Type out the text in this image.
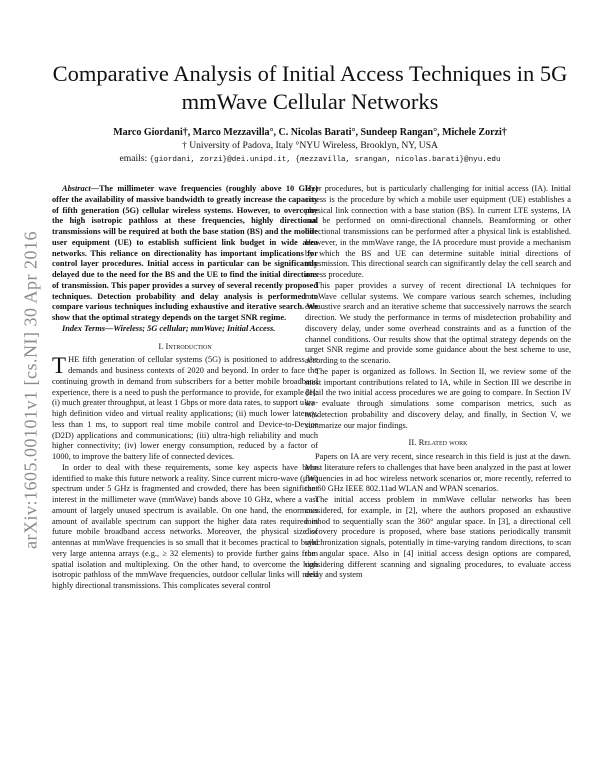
arXiv:1605.00101v1 [cs.NI] 30 Apr 2016
Comparative Analysis of Initial Access Techniques in 5G mmWave Cellular Networks
Marco Giordani†, Marco Mezzavilla°, C. Nicolas Barati°, Sundeep Rangan°, Michele Zorzi†
† University of Padova, Italy °NYU Wireless, Brooklyn, NY, USA
emails: {giordani, zorzi}@dei.unipd.it, {mezzavilla, srangan, nicolas.barati}@nyu.edu

Abstract—The millimeter wave frequencies (roughly above 10 GHz) offer the availability of massive bandwidth to greatly increase the capacity of fifth generation (5G) cellular wireless systems. However, to overcome the high isotropic pathloss at these frequencies, highly directional transmissions will be required at both the base station (BS) and the mobile user equipment (UE) to establish sufficient link budget in wide area networks. This reliance on directionality has important implications for control layer procedures. Initial access in particular can be significantly delayed due to the need for the BS and the UE to find the initial directions of transmission. This paper provides a survey of several recently proposed techniques. Detection probability and delay analysis is performed to compare various techniques including exhaustive and iterative search. We show that the optimal strategy depends on the target SNR regime.

Index Terms—Wireless; 5G cellular; mmWave; Initial Access.

I. Introduction

THE fifth generation of cellular systems (5G) is positioned to address the demands and business contexts of 2020 and beyond. In order to face the continuing growth in demand from subscribers for a better mobile broadband experience, there is a need to push the performance to provide, for example [1]: (i) much greater throughput, at least 1 Gbps or more data rates, to support ultra-high definition video and virtual reality applications; (ii) much lower latency, less than 1 ms, to support real time mobile control and Device-to-Device (D2D) applications and communications; (iii) ultra-high reliability and much higher connectivity; (iv) lower energy consumption, reduced by a factor of 1000, to improve the battery life of connected devices.

In order to deal with these requirements, some key aspects have been identified to make this future network a reality. Since current micro-wave (μW) spectrum under 5 GHz is fragmented and crowded, there has been significant interest in the millimeter wave (mmWave) bands above 10 GHz, where a vast amount of largely unused spectrum is available. On one hand, the enormous amount of available spectrum can support the higher data rates required in future mobile broadband access networks. Moreover, the physical size of antennas at mmWave frequencies is so small that it becomes practical to build very large antenna arrays (e.g., ≥ 32 elements) to provide further gains from spatial isolation and multiplexing. On the other hand, to overcome the high isotropic pathloss of the mmWave frequencies, outdoor cellular links will need highly directional transmissions. This complicates several control

layer procedures, but is particularly challenging for initial access (IA). Initial access is the procedure by which a mobile user equipment (UE) establishes a physical link connection with a base station (BS). In current LTE systems, IA can be performed on omni-directional channels. Beamforming or other directional transmissions can be performed after a physical link is established. However, in the mmWave range, the IA procedure must provide a mechanism by which the BS and UE can determine suitable initial directions of transmission. This directional search can significantly delay the cell search and access procedure.

This paper provides a survey of recent directional IA techniques for mmWave cellular systems. We compare various search schemes, including exhaustive search and an iterative scheme that successively narrows the search direction. We study the performance in terms of misdetection probability and discovery delay, under some overhead constraints and as a function of the channel conditions. Our results show that the optimal strategy depends on the target SNR regime and provide some guidance about the best scheme to use, according to the scenario.

The paper is organized as follows. In Section II, we review some of the most important contributions related to IA, while in Section III we describe in detail the two initial access procedures we are going to compare. In Section IV we evaluate through simulations some comparison metrics, such as misdetection probability and discovery delay, and finally, in Section V, we summarize our major findings.

II. Related work

Papers on IA are very recent, since research in this field is just at the dawn. Most literature refers to challenges that have been analyzed in the past at lower frequencies in ad hoc wireless network scenarios or, more recently, referred to the 60 GHz IEEE 802.11ad WLAN and WPAN scenarios.

The initial access problem in mmWave cellular networks has been considered, for example, in [2], where the authors proposed an exhaustive method to sequentially scan the 360° angular space. In [3], a directional cell discovery procedure is proposed, where base stations periodically transmit synchronization signals, potentially in time-varying random directions, to scan the angular space. Also in [4] initial access design options are compared, considering different scanning and signaling procedures, to evaluate access delay and system
